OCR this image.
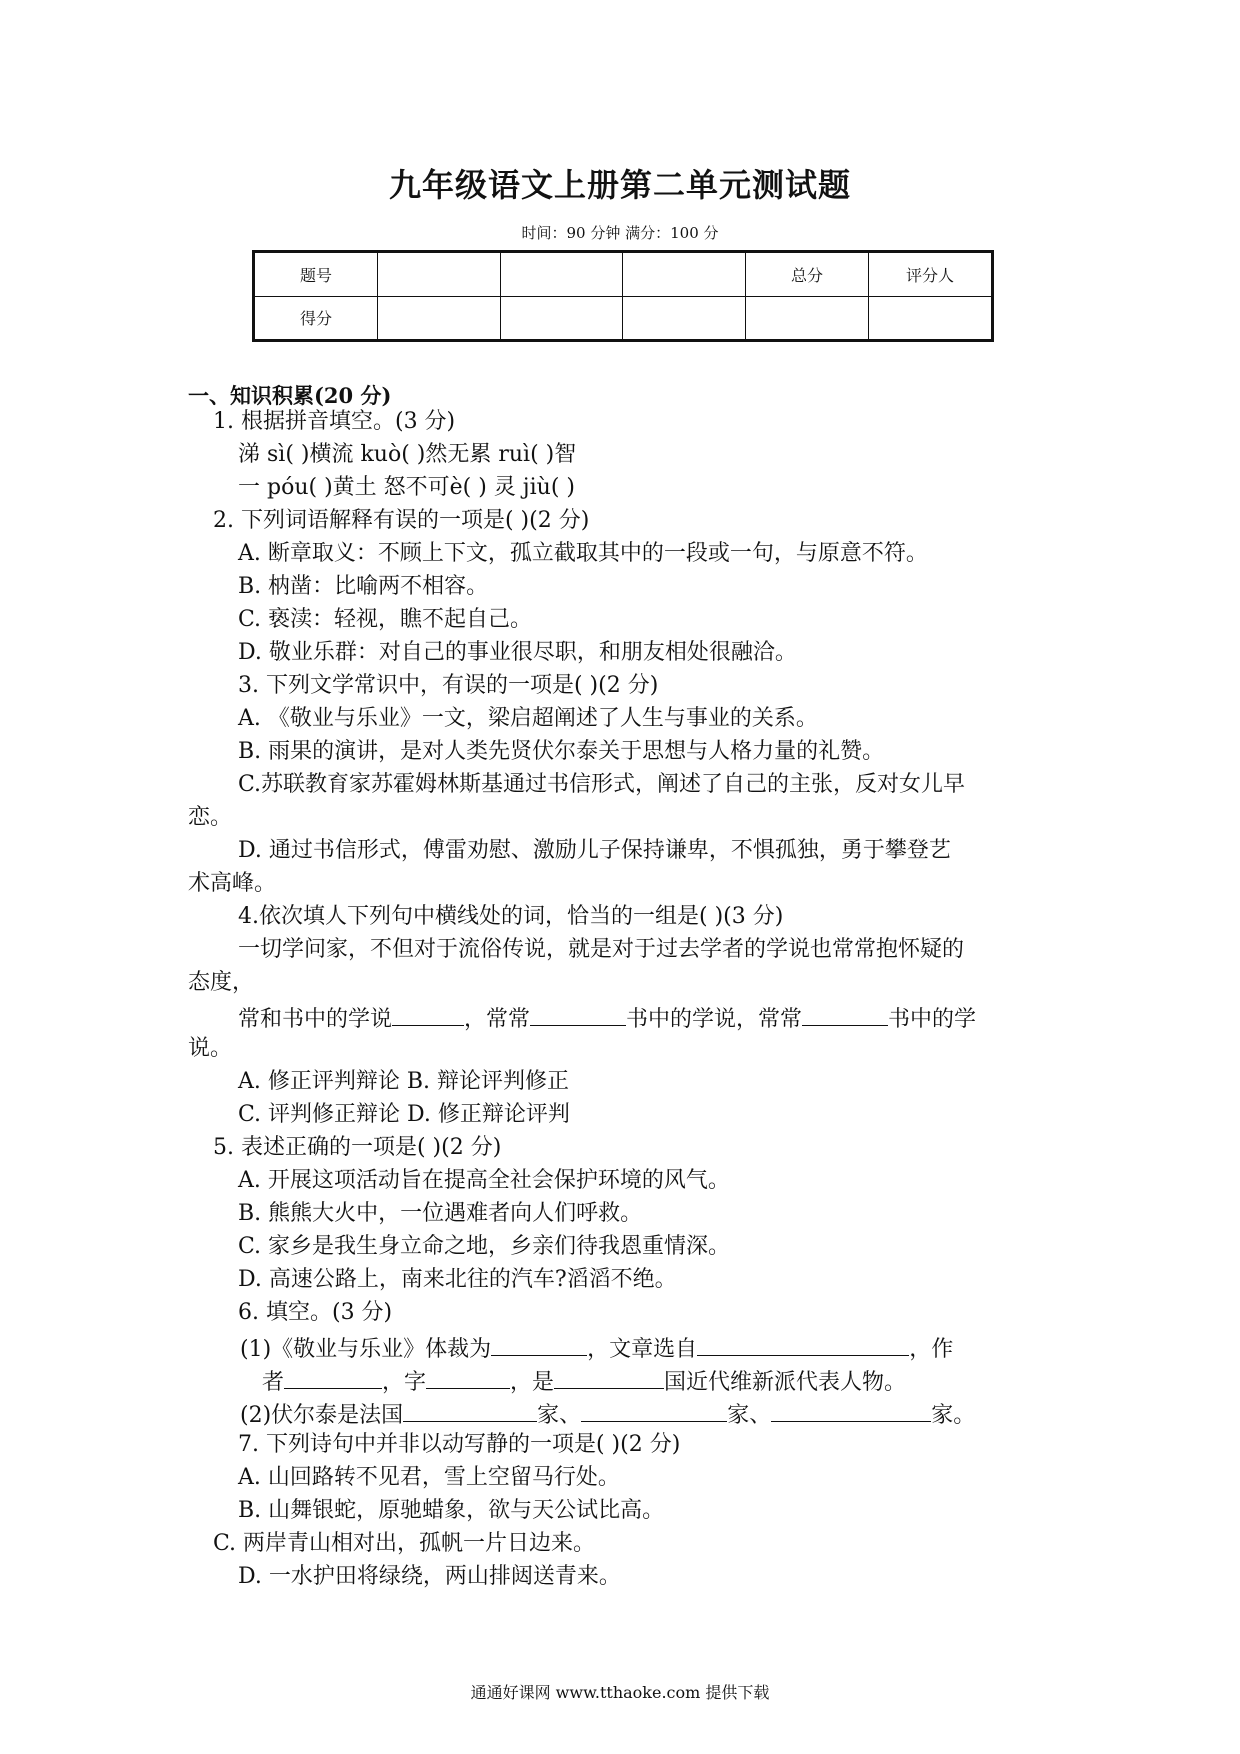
九年级语文上册第二单元测试题
时间：90 分钟 满分：100 分
题号				总分	评分人
得分					
一、知识积累(20 分)
1. 根据拼音填空。(3 分)
涕 sì( )横流 kuò( )然无累 ruì( )智
一 póu( )黄土 怒不可è( ) 灵 jiù( )
2. 下列词语解释有误的一项是( )(2 分)
A. 断章取义：不顾上下文，孤立截取其中的一段或一句，与原意不符。
B. 枘凿：比喻两不相容。
C. 亵渎：轻视，瞧不起自己。
D. 敬业乐群：对自己的事业很尽职，和朋友相处很融洽。
3. 下列文学常识中，有误的一项是( )(2 分)
A. 《敬业与乐业》一文，梁启超阐述了人生与事业的关系。
B. 雨果的演讲，是对人类先贤伏尔泰关于思想与人格力量的礼赞。
C.苏联教育家苏霍姆林斯基通过书信形式，阐述了自己的主张，反对女儿早
恋。
D. 通过书信形式，傅雷劝慰、激励儿子保持谦卑，不惧孤独，勇于攀登艺
术高峰。
4.依次填人下列句中横线处的词，恰当的一组是( )(3 分)
一切学问家，不但对于流俗传说，就是对于过去学者的学说也常常抱怀疑的
态度，
常和书中的学说	，常常	书中的学说，常常	书中的学
说。
A. 修正评判辩论 B. 辩论评判修正
C. 评判修正辩论 D. 修正辩论评判
5. 表述正确的一项是( )(2 分)
A. 开展这项活动旨在提高全社会保护环境的风气。
B. 熊熊大火中，一位遇难者向人们呼救。
C. 家乡是我生身立命之地，乡亲们待我恩重情深。
D. 高速公路上，南来北往的汽车?滔滔不绝。
6. 填空。(3 分)
(1)《敬业与乐业》体裁为	，文章选自	，作
者	，字	，是	国近代维新派代表人物。
(2)伏尔泰是法国	家、	家、	家。
7. 下列诗句中并非以动写静的一项是( )(2 分)
A. 山回路转不见君，雪上空留马行处。
B. 山舞银蛇，原驰蜡象，欲与天公试比高。
C. 两岸青山相对出，孤帆一片日边来。
D. 一水护田将绿绕，两山排闼送青来。
通通好课网 www.tthaoke.com 提供下载
